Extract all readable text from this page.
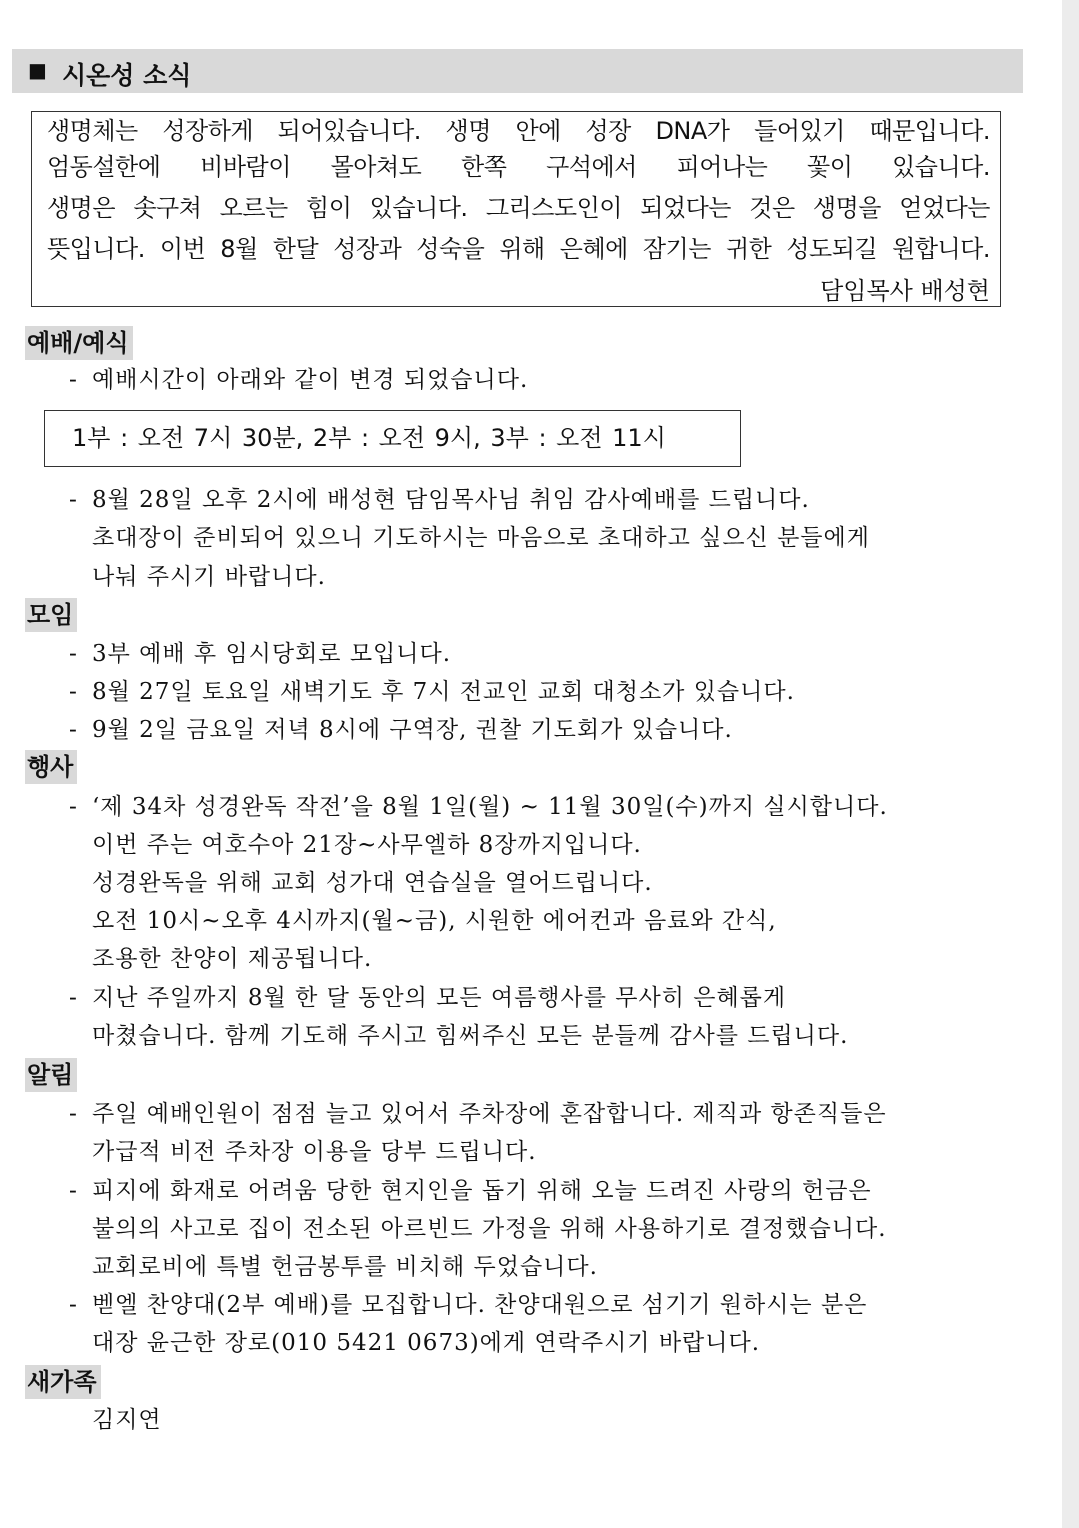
■ 시온성 소식
생명체는 성장하게 되어있습니다. 생명 안에 성장 DNA가 들어있기 때문입니다.
엄동설한에 비바람이 몰아쳐도 한쪽 구석에서 피어나는 꽃이 있습니다.
생명은 솟구쳐 오르는 힘이 있습니다. 그리스도인이 되었다는 것은 생명을 얻었다는
뜻입니다. 이번 8월 한달 성장과 성숙을 위해 은혜에 잠기는 귀한 성도되길 원합니다.
담임목사 배성현
예배/예식
- 예배시간이 아래와 같이 변경 되었습니다.
1부 : 오전 7시 30분, 2부 : 오전 9시, 3부 : 오전 11시
- 8월 28일 오후 2시에 배성현 담임목사님 취임 감사예배를 드립니다.
초대장이 준비되어 있으니 기도하시는 마음으로 초대하고 싶으신 분들에게
나눠 주시기 바랍니다.
모임
- 3부 예배 후 임시당회로 모입니다.
- 8월 27일 토요일 새벽기도 후 7시 전교인 교회 대청소가 있습니다.
- 9월 2일 금요일 저녁 8시에 구역장, 권찰 기도회가 있습니다.
행사
- ‘제 34차 성경완독 작전’을 8월 1일(월) ~ 11월 30일(수)까지 실시합니다.
이번 주는 여호수아 21장~사무엘하 8장까지입니다.
성경완독을 위해 교회 성가대 연습실을 열어드립니다.
오전 10시~오후 4시까지(월~금), 시원한 에어컨과 음료와 간식,
조용한 찬양이 제공됩니다.
- 지난 주일까지 8월 한 달 동안의 모든 여름행사를 무사히 은혜롭게
마쳤습니다. 함께 기도해 주시고 힘써주신 모든 분들께 감사를 드립니다.
알림
- 주일 예배인원이 점점 늘고 있어서 주차장에 혼잡합니다. 제직과 항존직들은
가급적 비전 주차장 이용을 당부 드립니다.
- 피지에 화재로 어려움 당한 현지인을 돕기 위해 오늘 드려진 사랑의 헌금은
불의의 사고로 집이 전소된 아르빈드 가정을 위해 사용하기로 결정했습니다.
교회로비에 특별 헌금봉투를 비치해 두었습니다.
- 벧엘 찬양대(2부 예배)를 모집합니다. 찬양대원으로 섬기기 원하시는 분은
대장 윤근한 장로(010 5421 0673)에게 연락주시기 바랍니다.
새가족
김지연
